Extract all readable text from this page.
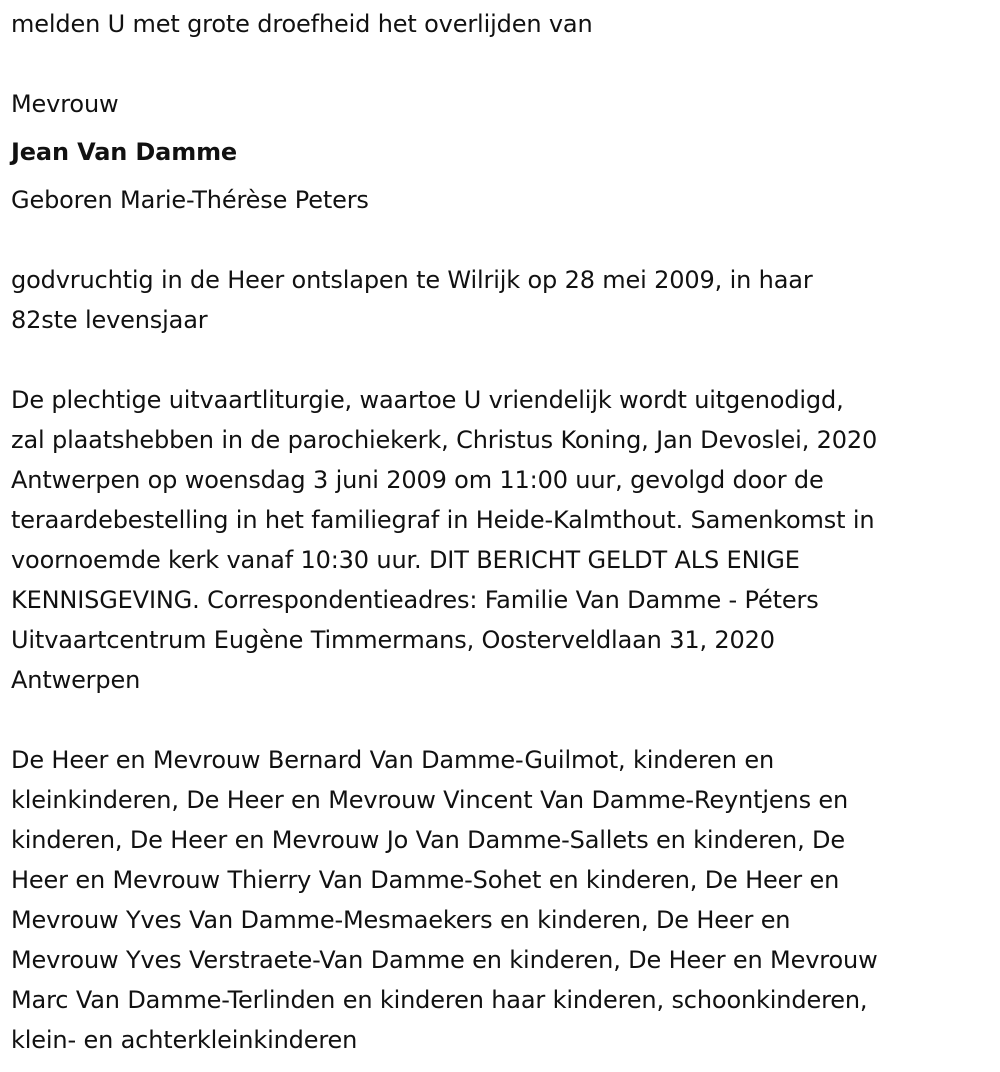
melden U met grote droefheid het overlijden van

Mevrouw

Jean Van Damme

Geboren Marie-Thérèse Peters

godvruchtig in de Heer ontslapen te Wilrijk op 28 mei 2009, in haar

82ste levensjaar

De plechtige uitvaartliturgie, waartoe U vriendelijk wordt uitgenodigd,

zal plaatshebben in de parochiekerk, Christus Koning, Jan Devoslei, 2020

Antwerpen op woensdag 3 juni 2009 om 11:00 uur, gevolgd door de

teraardebestelling in het familiegraf in Heide-Kalmthout. Samenkomst in

voornoemde kerk vanaf 10:30 uur. DIT BERICHT GELDT ALS ENIGE

KENNISGEVING. Correspondentieadres: Familie Van Damme - Péters

Uitvaartcentrum Eugène Timmermans, Oosterveldlaan 31, 2020

Antwerpen

De Heer en Mevrouw Bernard Van Damme-Guilmot, kinderen en

kleinkinderen, De Heer en Mevrouw Vincent Van Damme-Reyntjens en

kinderen, De Heer en Mevrouw Jo Van Damme-Sallets en kinderen, De

Heer en Mevrouw Thierry Van Damme-Sohet en kinderen, De Heer en

Mevrouw Yves Van Damme-Mesmaekers en kinderen, De Heer en

Mevrouw Yves Verstraete-Van Damme en kinderen, De Heer en Mevrouw

Marc Van Damme-Terlinden en kinderen haar kinderen, schoonkinderen,

klein- en achterkleinkinderen
